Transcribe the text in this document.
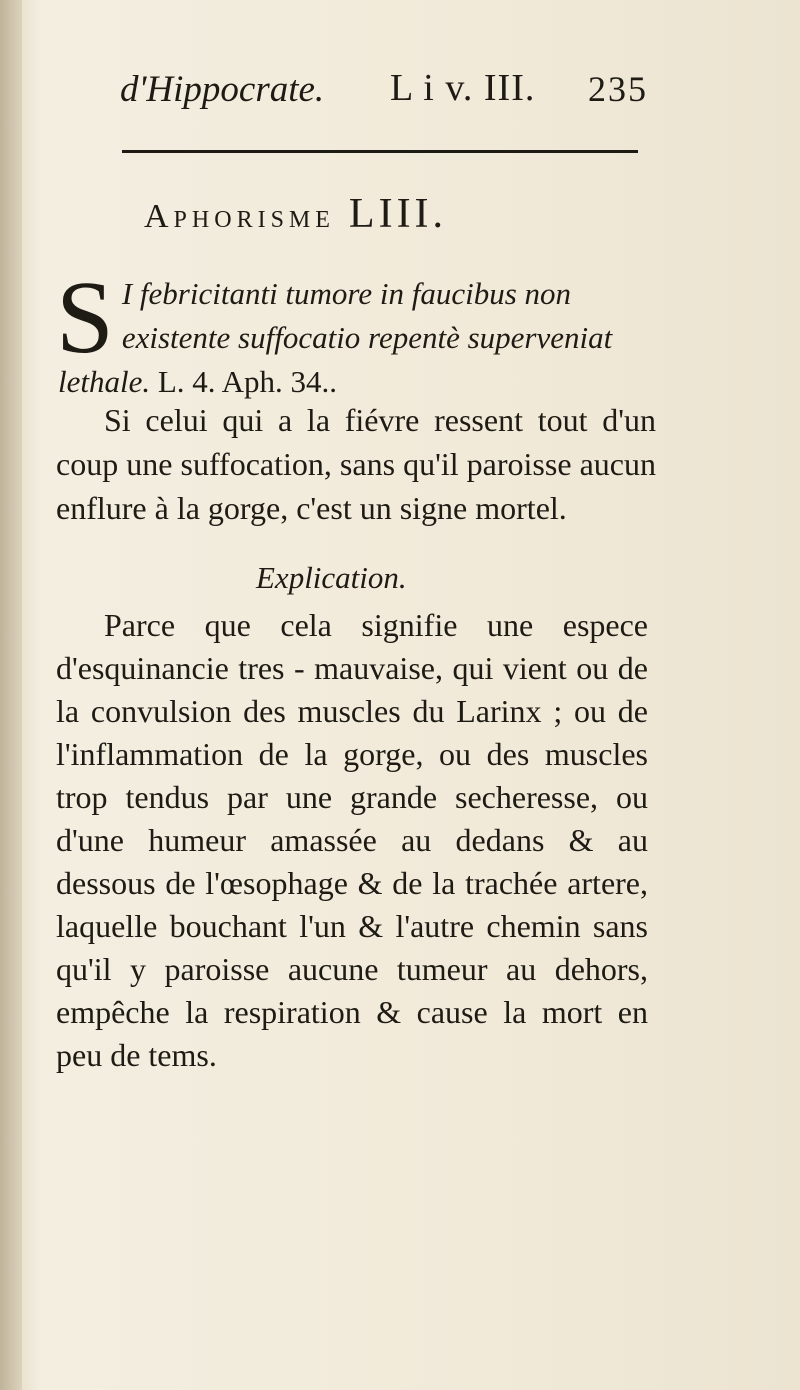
d'Hippocrate. L i v. III. 235
Aphorisme LIII.
S I febricitanti tumore in faucibus non existente suffocatio repentè superveniat lethale. L. 4. Aph. 34..

Si celui qui a la fiévre ressent tout d'un coup une suffocation, sans qu'il paroisse aucun enflure à la gorge, c'est un signe mortel.

Explication.

Parce que cela signifie une espece d'esquinancie tres - mauvaise, qui vient ou de la convulsion des muscles du Larinx ; ou de l'inflammation de la gorge, ou des muscles trop tendus par une grande secheresse, ou d'une humeur amassée au dedans & au dessous de l'œsophage & de la trachée artere, laquelle bouchant l'un & l'autre chemin sans qu'il y paroisse aucune tumeur au dehors, empêche la respiration & cause la mort en peu de tems.
